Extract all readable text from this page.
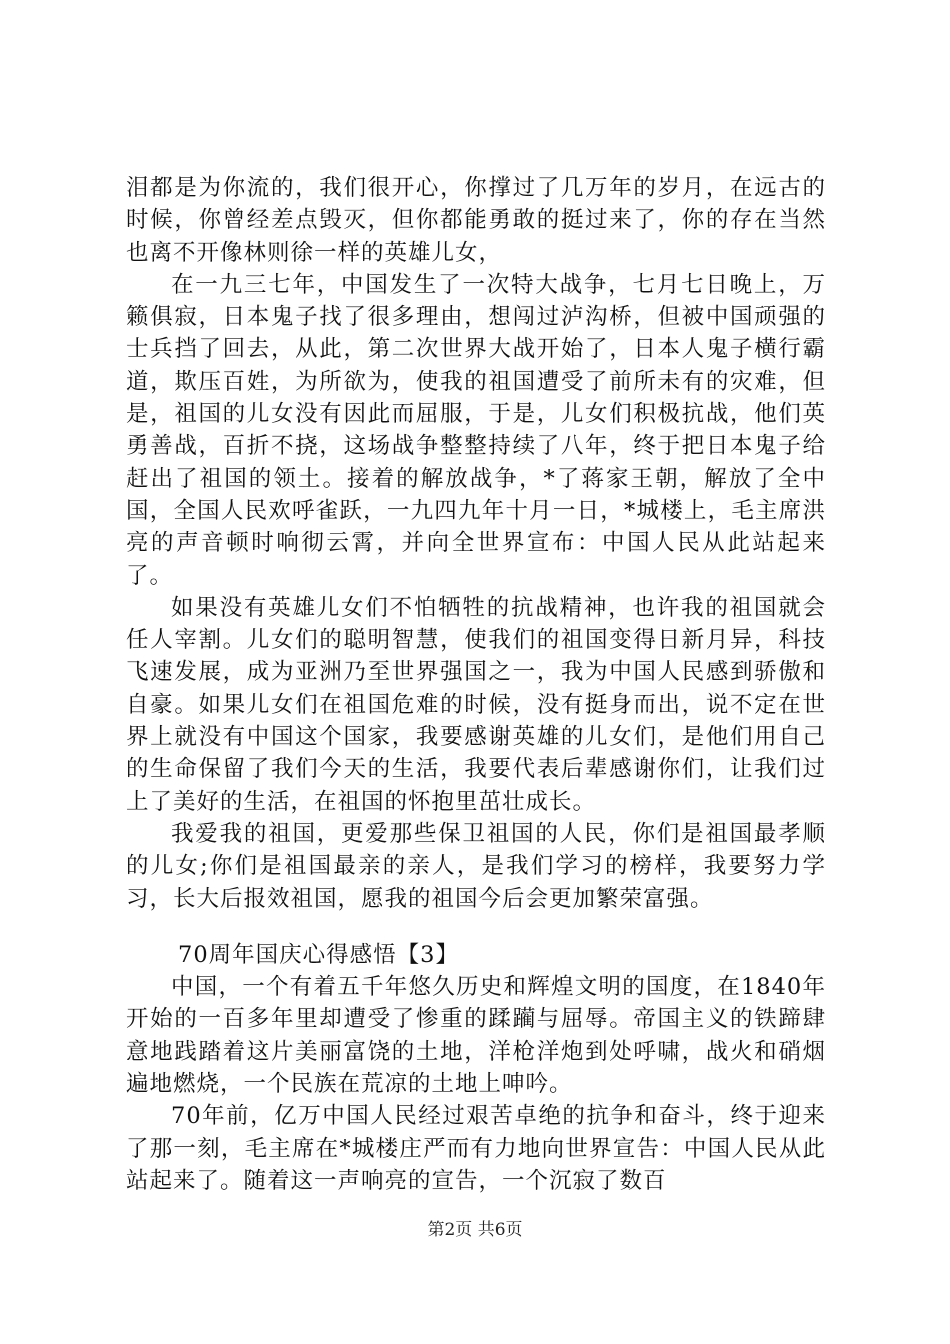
泪都是为你流的，我们很开心，你撑过了几万年的岁月，在远古的时候，你曾经差点毁灭，但你都能勇敢的挺过来了，你的存在当然也离不开像林则徐一样的英雄儿女，

在一九三七年，中国发生了一次特大战争，七月七日晚上，万籁俱寂，日本鬼子找了很多理由，想闯过泸沟桥，但被中国顽强的士兵挡了回去，从此，第二次世界大战开始了，日本人鬼子横行霸道，欺压百姓，为所欲为，使我的祖国遭受了前所未有的灾难，但是，祖国的儿女没有因此而屈服，于是，儿女们积极抗战，他们英勇善战，百折不挠，这场战争整整持续了八年，终于把日本鬼子给赶出了祖国的领土。接着的解放战争，*了蒋家王朝，解放了全中国，全国人民欢呼雀跃，一九四九年十月一日，*城楼上，毛主席洪亮的声音顿时响彻云霄，并向全世界宣布：中国人民从此站起来了。

如果没有英雄儿女们不怕牺牲的抗战精神，也许我的祖国就会任人宰割。儿女们的聪明智慧，使我们的祖国变得日新月异，科技飞速发展，成为亚洲乃至世界强国之一，我为中国人民感到骄傲和自豪。如果儿女们在祖国危难的时候，没有挺身而出，说不定在世界上就没有中国这个国家，我要感谢英雄的儿女们，是他们用自己的生命保留了我们今天的生活，我要代表后辈感谢你们，让我们过上了美好的生活，在祖国的怀抱里茁壮成长。

我爱我的祖国，更爱那些保卫祖国的人民，你们是祖国最孝顺的儿女;你们是祖国最亲的亲人，是我们学习的榜样，我要努力学习，长大后报效祖国，愿我的祖国今后会更加繁荣富强。

70周年国庆心得感悟【3】

中国，一个有着五千年悠久历史和辉煌文明的国度，在1840年开始的一百多年里却遭受了惨重的蹂躏与屈辱。帝国主义的铁蹄肆意地践踏着这片美丽富饶的土地，洋枪洋炮到处呼啸，战火和硝烟遍地燃烧，一个民族在荒凉的土地上呻吟。

70年前，亿万中国人民经过艰苦卓绝的抗争和奋斗，终于迎来了那一刻，毛主席在*城楼庄严而有力地向世界宣告：中国人民从此站起来了。随着这一声响亮的宣告，一个沉寂了数百

第2页 共6页
